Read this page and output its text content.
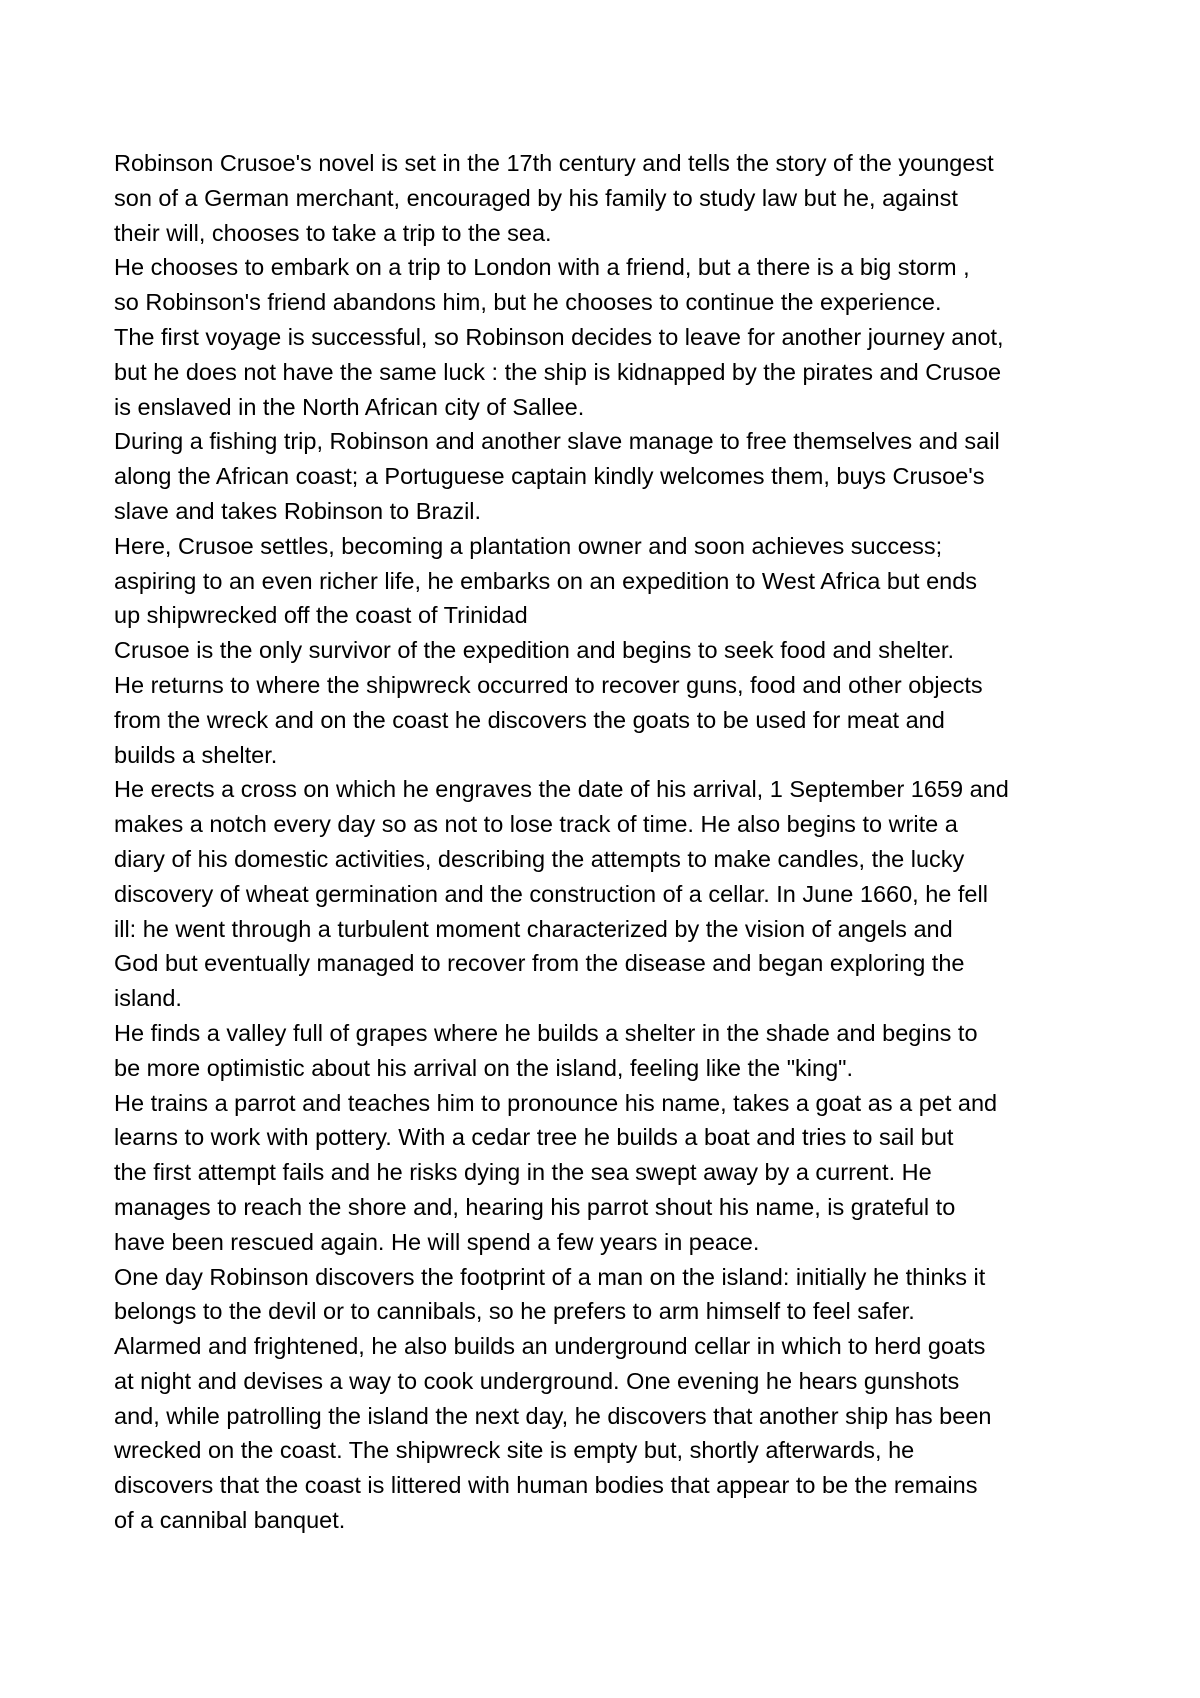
Robinson Crusoe's novel is set in the 17th century and tells the story of the youngest
son of a German merchant, encouraged by his family to study law but he, against
their will, chooses to take a trip to the sea.

He chooses to embark on a trip to London with a friend, but a there is a big storm ,
so Robinson's friend abandons him, but he chooses to continue the experience.

The first voyage is successful, so Robinson decides to leave for another journey anot,
but he does not have the same luck : the ship is kidnapped by the pirates and Crusoe
is enslaved in the North African city of Sallee.

During a fishing trip, Robinson and another slave manage to free themselves and sail
along the African coast; a Portuguese captain kindly welcomes them, buys Crusoe's
slave and takes Robinson to Brazil.

Here, Crusoe settles, becoming a plantation owner and soon achieves success;
aspiring to an even richer life, he embarks on an expedition to West Africa but ends
up shipwrecked off the coast of Trinidad

Crusoe is the only survivor of the expedition and begins to seek food and shelter.

He returns to where the shipwreck occurred to recover guns, food and other objects
from the wreck and on the coast he discovers the goats to be used for meat and
builds a shelter.

He erects a cross on which he engraves the date of his arrival, 1 September 1659 and
makes a notch every day so as not to lose track of time. He also begins to write a
diary of his domestic activities, describing the attempts to make candles, the lucky
discovery of wheat germination and the construction of a cellar. In June 1660, he fell
ill: he went through a turbulent moment characterized by the vision of angels and
God but eventually managed to recover from the disease and began exploring the
island.

He finds a valley full of grapes where he builds a shelter in the shade and begins to
be more optimistic about his arrival on the island, feeling like the "king".

He trains a parrot and teaches him to pronounce his name, takes a goat as a pet and
learns to work with pottery. With a cedar tree he builds a boat and tries to sail but
the first attempt fails and he risks dying in the sea swept away by a current. He
manages to reach the shore and, hearing his parrot shout his name, is grateful to
have been rescued again. He will spend a few years in peace.

One day Robinson discovers the footprint of a man on the island: initially he thinks it
belongs to the devil or to cannibals, so he prefers to arm himself to feel safer.
Alarmed and frightened, he also builds an underground cellar in which to herd goats
at night and devises a way to cook underground. One evening he hears gunshots
and, while patrolling the island the next day, he discovers that another ship has been
wrecked on the coast. The shipwreck site is empty but, shortly afterwards, he
discovers that the coast is littered with human bodies that appear to be the remains
of a cannibal banquet.
